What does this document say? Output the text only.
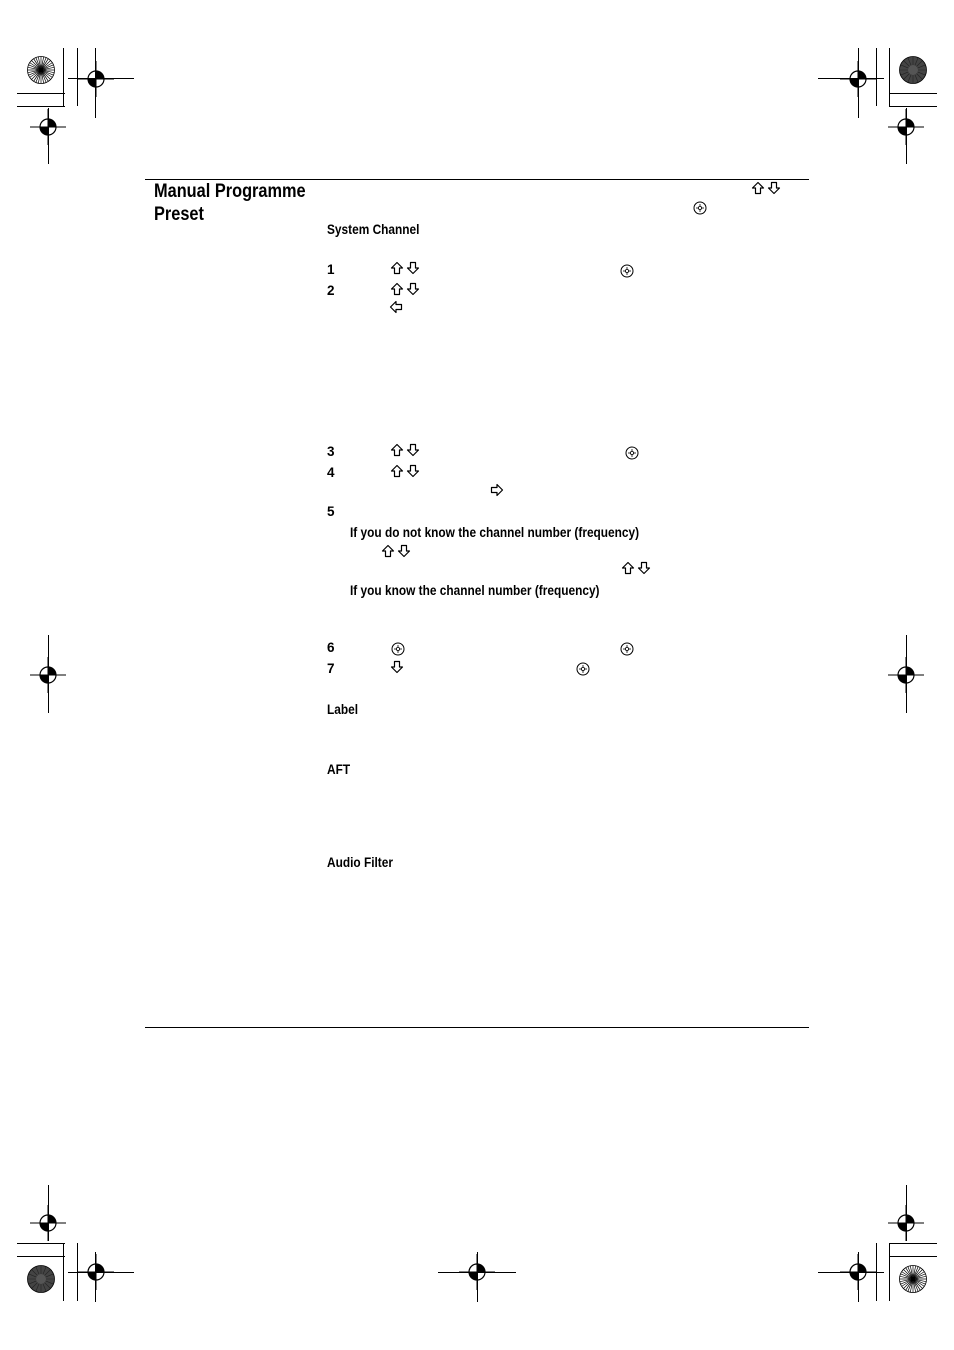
Manual Programme
Preset
System Channel
1
2
3
4
5
If you do not know the channel number (frequency)
If you know the channel number (frequency)
6
7
Label
AFT
Audio Filter
